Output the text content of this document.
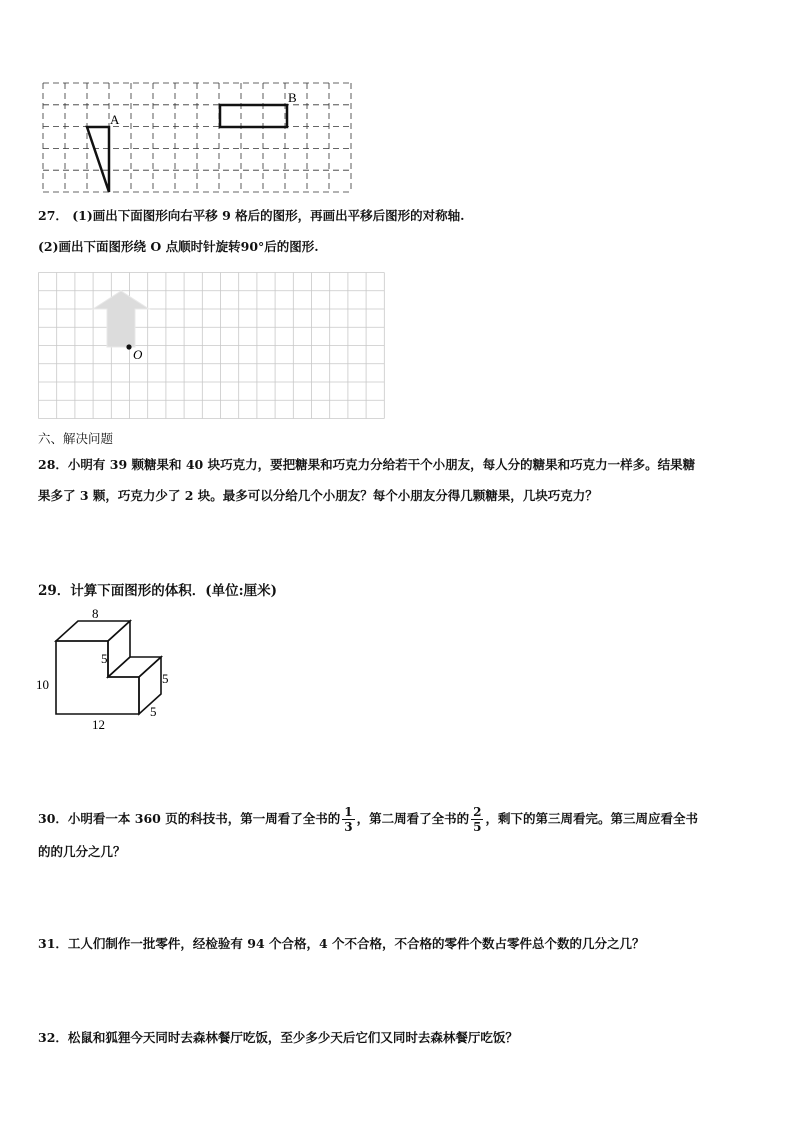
A
B
27． (1)画出下面图形向右平移 9 格后的图形，再画出平移后图形的对称轴.
(2)画出下面图形绕 O 点顺时针旋转90°后的图形.
O
六、解决问题
28．小明有 39 颗糖果和 40 块巧克力，要把糖果和巧克力分给若干个小朋友，每人分的糖果和巧克力一样多。结果糖
果多了 3 颗，巧克力少了 2 块。最多可以分给几个小朋友？每个小朋友分得几颗糖果，几块巧克力？
29．计算下面图形的体积．(单位:厘米)
8
5
10	5
5
12
30．小明看一本 360 页的科技书，第一周看了全书的 $\frac{1}{3}$ ，第二周看了全书的 $\frac{2}{5}$ ，剩下的第三周看完。第三周应看全书
的的几分之几？
31．工人们制作一批零件，经检验有 94 个合格，4 个不合格，不合格的零件个数占零件总个数的几分之几？
32．松鼠和狐狸今天同时去森林餐厅吃饭，至少多少天后它们又同时去森林餐厅吃饭？
